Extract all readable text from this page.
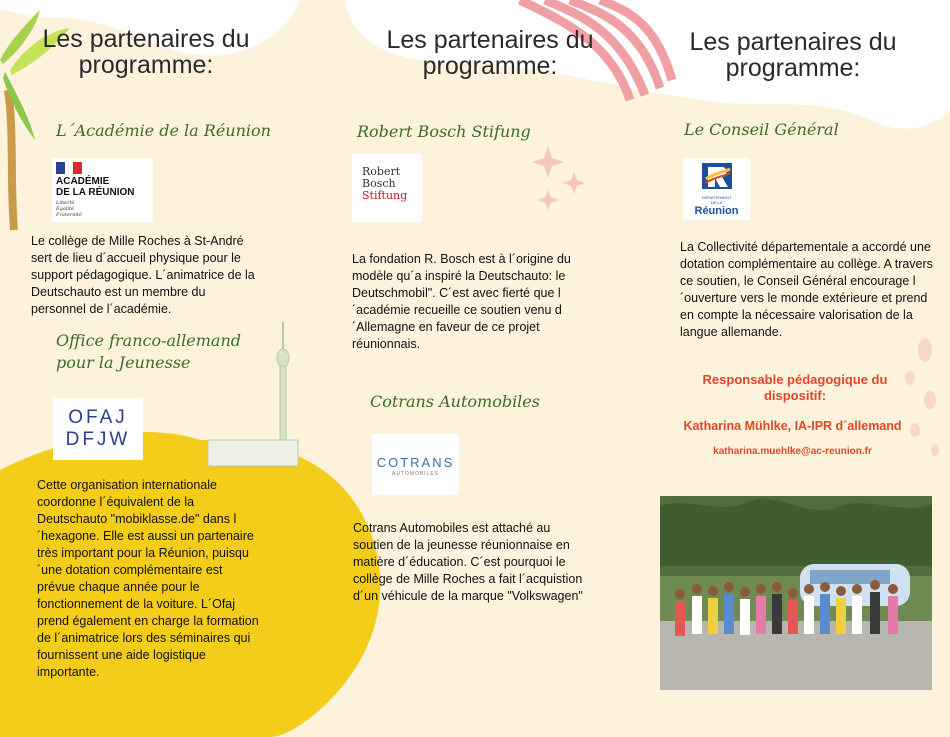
Les partenaires du programme:
L´Académie de la Réunion
ACADÉMIE
DE LA RÉUNION
Liberté
Égalité
Fraternité
Le collège de Mille Roches à St-André sert de lieu d´accueil physique pour le support pédagogique. L´animatrice de la Deutschauto est un membre du personnel de l´académie.
Office franco-allemand pour la Jeunesse
OFAJ
DFJW
Cette organisation internationale coordonne l´équivalent de la Deutschauto "mobiklasse.de" dans l´hexagone. Elle est aussi un partenaire très important pour la Réunion, puisqu´une dotation complémentaire est prévue chaque année pour le fonctionnement de la voiture. L´Ofaj prend également en charge la formation de l´animatrice lors des séminaires qui fournissent une aide logistique importante.
Les partenaires du programme:
Robert Bosch Stifung
Robert
Bosch
Stiftung
La fondation R. Bosch est à l´origine du modèle qu´a inspiré la Deutschauto: le Deutschmobil". C´est avec fierté que l´académie recueille ce soutien venu d´Allemagne en faveur de ce projet réunionnais.
Cotrans Automobiles
COTRANS
AUTOMOBILES
Cotrans Automobiles est attaché au soutien de la jeunesse réunionnaise en matière d´éducation. C´est pourquoi le collège de Mille Roches a fait l´acquistion d´un véhicule de la marque "Volkswagen"
Les partenaires du programme:
Le Conseil Général
DÉPARTEMENT
DE LA
Réunion
La Collectivité départementale a accordé une dotation complémentaire au collège. A travers ce soutien, le Conseil Général encourage l´ouverture vers le monde extérieure et prend en compte la nécessaire valorisation de la langue allemande.
Responsable pédagogique du dispositif:
Katharina Mühlke, IA-IPR d´allemand
katharina.muehlke@ac-reunion.fr
